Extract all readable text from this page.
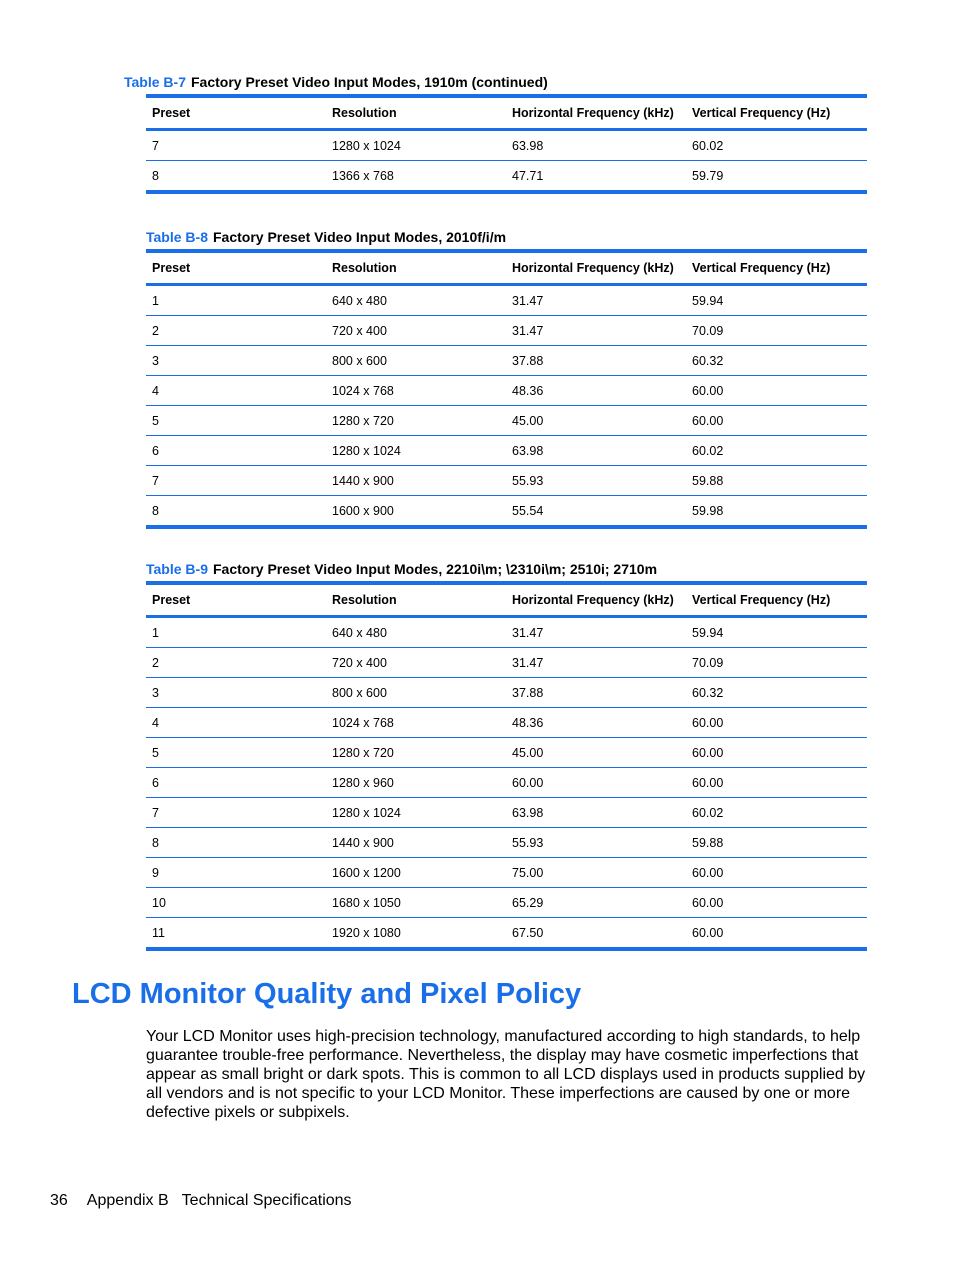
Table B-7 Factory Preset Video Input Modes, 1910m (continued)
Preset	Resolution	Horizontal Frequency (kHz)	Vertical Frequency (Hz)
7	1280 x 1024	63.98	60.02
8	1366 x 768	47.71	59.79
Table B-8 Factory Preset Video Input Modes, 2010f/i/m
Preset	Resolution	Horizontal Frequency (kHz)	Vertical Frequency (Hz)
1	640 x 480	31.47	59.94
2	720 x 400	31.47	70.09
3	800 x 600	37.88	60.32
4	1024 x 768	48.36	60.00
5	1280 x 720	45.00	60.00
6	1280 x 1024	63.98	60.02
7	1440 x 900	55.93	59.88
8	1600 x 900	55.54	59.98
Table B-9 Factory Preset Video Input Modes, 2210i\m; \2310i\m; 2510i; 2710m
Preset	Resolution	Horizontal Frequency (kHz)	Vertical Frequency (Hz)
1	640 x 480	31.47	59.94
2	720 x 400	31.47	70.09
3	800 x 600	37.88	60.32
4	1024 x 768	48.36	60.00
5	1280 x 720	45.00	60.00
6	1280 x 960	60.00	60.00
7	1280 x 1024	63.98	60.02
8	1440 x 900	55.93	59.88
9	1600 x 1200	75.00	60.00
10	1680 x 1050	65.29	60.00
11	1920 x 1080	67.50	60.00
LCD Monitor Quality and Pixel Policy

Your LCD Monitor uses high-precision technology, manufactured according to high standards, to help guarantee trouble-free performance. Nevertheless, the display may have cosmetic imperfections that appear as small bright or dark spots. This is common to all LCD displays used in products supplied by all vendors and is not specific to your LCD Monitor. These imperfections are caused by one or more defective pixels or subpixels.

36 Appendix B   Technical Specifications
